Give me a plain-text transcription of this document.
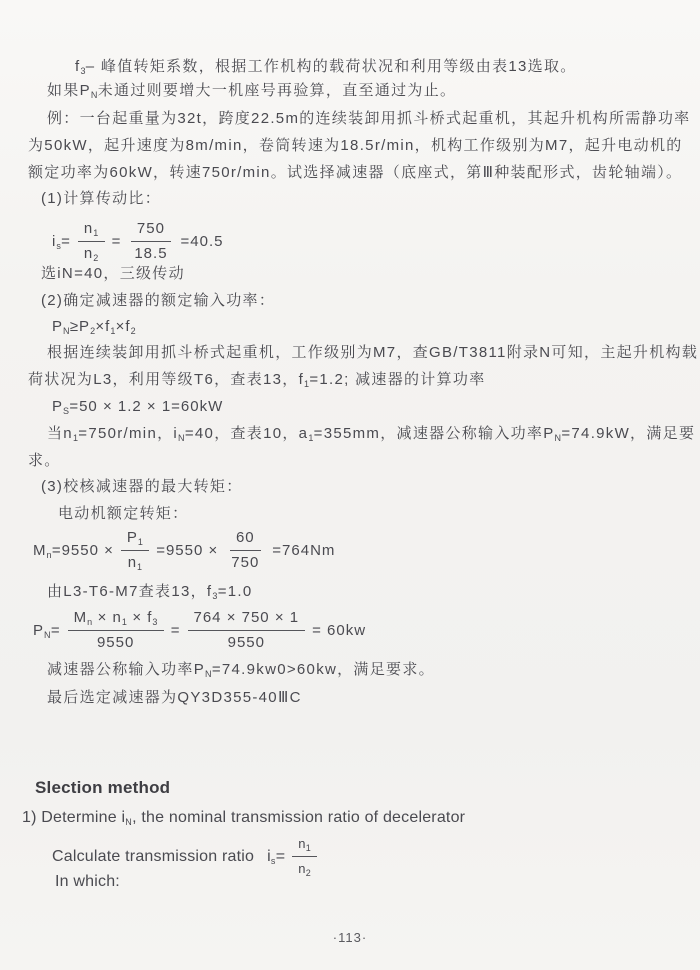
$f_3-$ 峰值转矩系数，根据工作机构的载荷状况和利用等级由表13选取。
如果$P_N$未通过则要增大一机座号再验算，直至通过为止。
例：一台起重量为32t，跨度22.5m的连续装卸用抓斗桥式起重机，其起升机构所需静功率
为50kW，起升速度为8m/min，卷筒转速为18.5r/min，机构工作级别为M7，起升电动机的
额定功率为60kW，转速750r/min。试选择减速器（底座式，第Ⅲ种装配形式，齿轮轴端）。
(1)计算传动比：
$i_s= \frac{n_1}{n_2} = \frac{750}{18.5} =40.5$
选iN=40，三级传动
(2)确定减速器的额定输入功率：
$P_N\ge P_2\times f_1\times f_2$
根据连续装卸用抓斗桥式起重机，工作级别为M7，查GB/T3811附录N可知，主起升机构载
荷状况为L3，利用等级T6，查表13，$f_1=1.2$; 减速器的计算功率
$P_S=50 \times 1.2 \times 1=60kW$
当$n_1=750r/\min$，$i_N=40$，查表10，$a_1=355mm$，减速器公称输入功率$P_N=74.9kW$，满足要
求。
(3)校核减速器的最大转矩：
电动机额定转矩：
$M_n=9550 \times \frac{P_1}{n_1} =9550 \times \frac{60}{750} =764Nm$
由L3-T6-M7查表13，$f_3=1.0$
$P_N= \frac{M_n \times n_1 \times f_3}{9550} = \frac{764 \times 750 \times 1}{9550} = 60kw$
减速器公称输入功率$P_N=74.9kw0>60kw$，满足要求。
最后选定减速器为QY3D355-40ⅢC
Slection method
1) Determine $i_N$, the nominal transmission ratio of decelerator
Calculate transmission ratio $i_s= \frac{n_1}{n_2}$
In which:
·113·
